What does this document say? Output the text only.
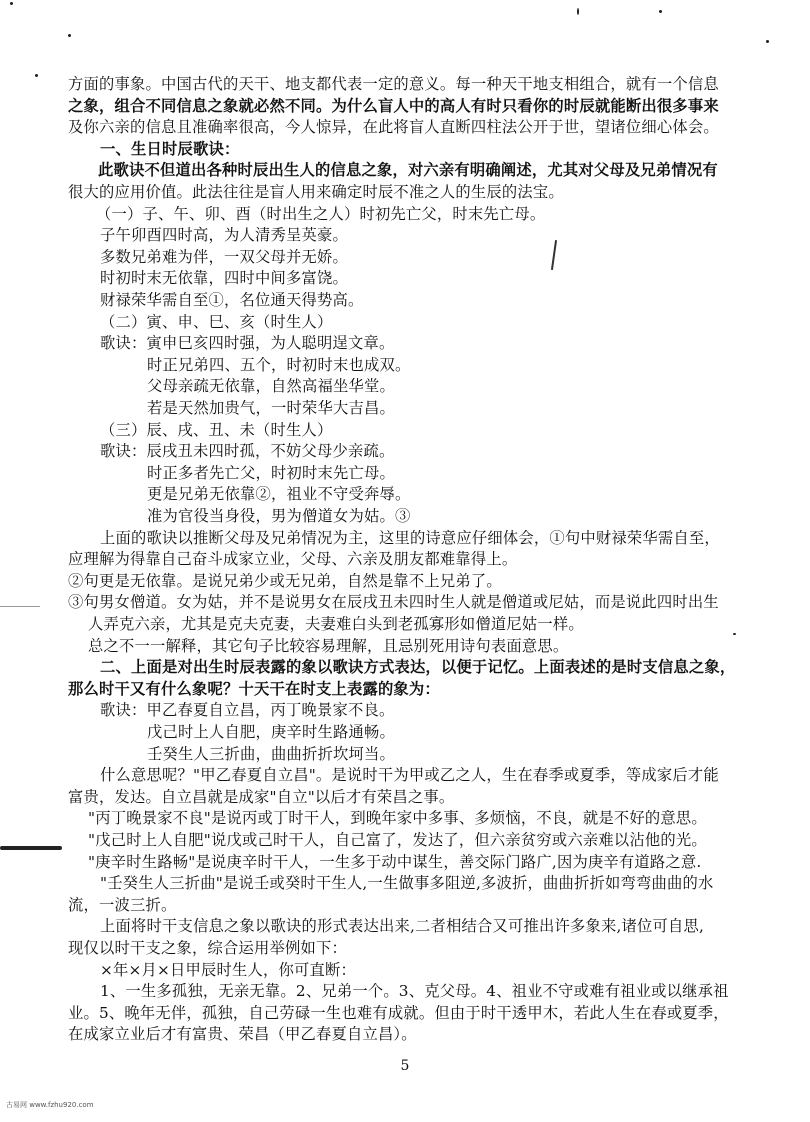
方面的事象。中国古代的天干、地支都代表一定的意义。每一种天干地支相组合，就有一个信息
之象，组合不同信息之象就必然不同。为什么盲人中的高人有时只看你的时辰就能断出很多事来
及你六亲的信息且准确率很高，今人惊异，在此将盲人直断四柱法公开于世，望诸位细心体会。
一、生日时辰歌诀：
此歌诀不但道出各种时辰出生人的信息之象，对六亲有明确阐述，尤其对父母及兄弟情况有
很大的应用价值。此法往往是盲人用来确定时辰不准之人的生辰的法宝。
（一）子、午、卯、酉（时出生之人）时初先亡父，时末先亡母。
子午卯酉四时高，为人清秀呈英豪。
多数兄弟难为伴，一双父母并无娇。
时初时末无依靠，四时中间多富饶。
财禄荣华需自至①，名位通天得势高。
（二）寅、申、巳、亥（时生人）
歌诀：寅申巳亥四时强，为人聪明逞文章。
时正兄弟四、五个，时初时末也成双。
父母亲疏无依靠，自然高福坐华堂。
若是天然加贵气，一时荣华大吉昌。
（三）辰、戌、丑、未（时生人）
歌诀：辰戌丑未四时孤，不妨父母少亲疏。
时正多者先亡父，时初时末先亡母。
更是兄弟无依靠②，祖业不守受奔辱。
准为官役当身役，男为僧道女为姑。③
上面的歌诀以推断父母及兄弟情况为主，这里的诗意应仔细体会，①句中财禄荣华需自至，
应理解为得靠自己奋斗成家立业，父母、六亲及朋友都难靠得上。
②句更是无依靠。是说兄弟少或无兄弟，自然是靠不上兄弟了。
③句男女僧道。女为姑，并不是说男女在辰戌丑未四时生人就是僧道或尼姑，而是说此四时出生
人弄克六亲，尤其是克夫克妻，夫妻难白头到老孤寡形如僧道尼姑一样。
总之不一一解释，其它句子比较容易理解，且忌别死用诗句表面意思。
二、上面是对出生时辰表露的象以歌诀方式表达，以便于记忆。上面表述的是时支信息之象，
那么时干又有什么象呢？十天干在时支上表露的象为：
歌诀：甲乙春夏自立昌，丙丁晚景家不良。
戊己时上人自肥，庚辛时生路通畅。
壬癸生人三折曲，曲曲折折坎坷当。
什么意思呢？"甲乙春夏自立昌"。是说时干为甲或乙之人，生在春季或夏季，等成家后才能
富贵，发达。自立昌就是成家"自立"以后才有荣昌之事。
"丙丁晚景家不良"是说丙或丁时干人，到晚年家中多事、多烦恼，不良，就是不好的意思。
"戊己时上人自肥"说戊或己时干人，自己富了，发达了，但六亲贫穷或六亲难以沾他的光。
"庚辛时生路畅"是说庚辛时干人，一生多于动中谋生，善交际门路广,因为庚辛有道路之意.
"壬癸生人三折曲"是说壬或癸时干生人,一生做事多阻逆,多波折，曲曲折折如弯弯曲曲的水
流，一波三折。
上面将时干支信息之象以歌诀的形式表达出来,二者相结合又可推出许多象来,诸位可自思,
现仅以时干支之象，综合运用举例如下：
×年×月×日甲辰时生人，你可直断：
1、一生多孤独，无亲无靠。2、兄弟一个。3、克父母。4、祖业不守或难有祖业或以继承祖
业。5、晚年无伴，孤独，自己劳碌一生也难有成就。但由于时干透甲木，若此人生在春或夏季，
在成家立业后才有富贵、荣昌（甲乙春夏自立昌）。
5
古易网 www.fzhu920.com
